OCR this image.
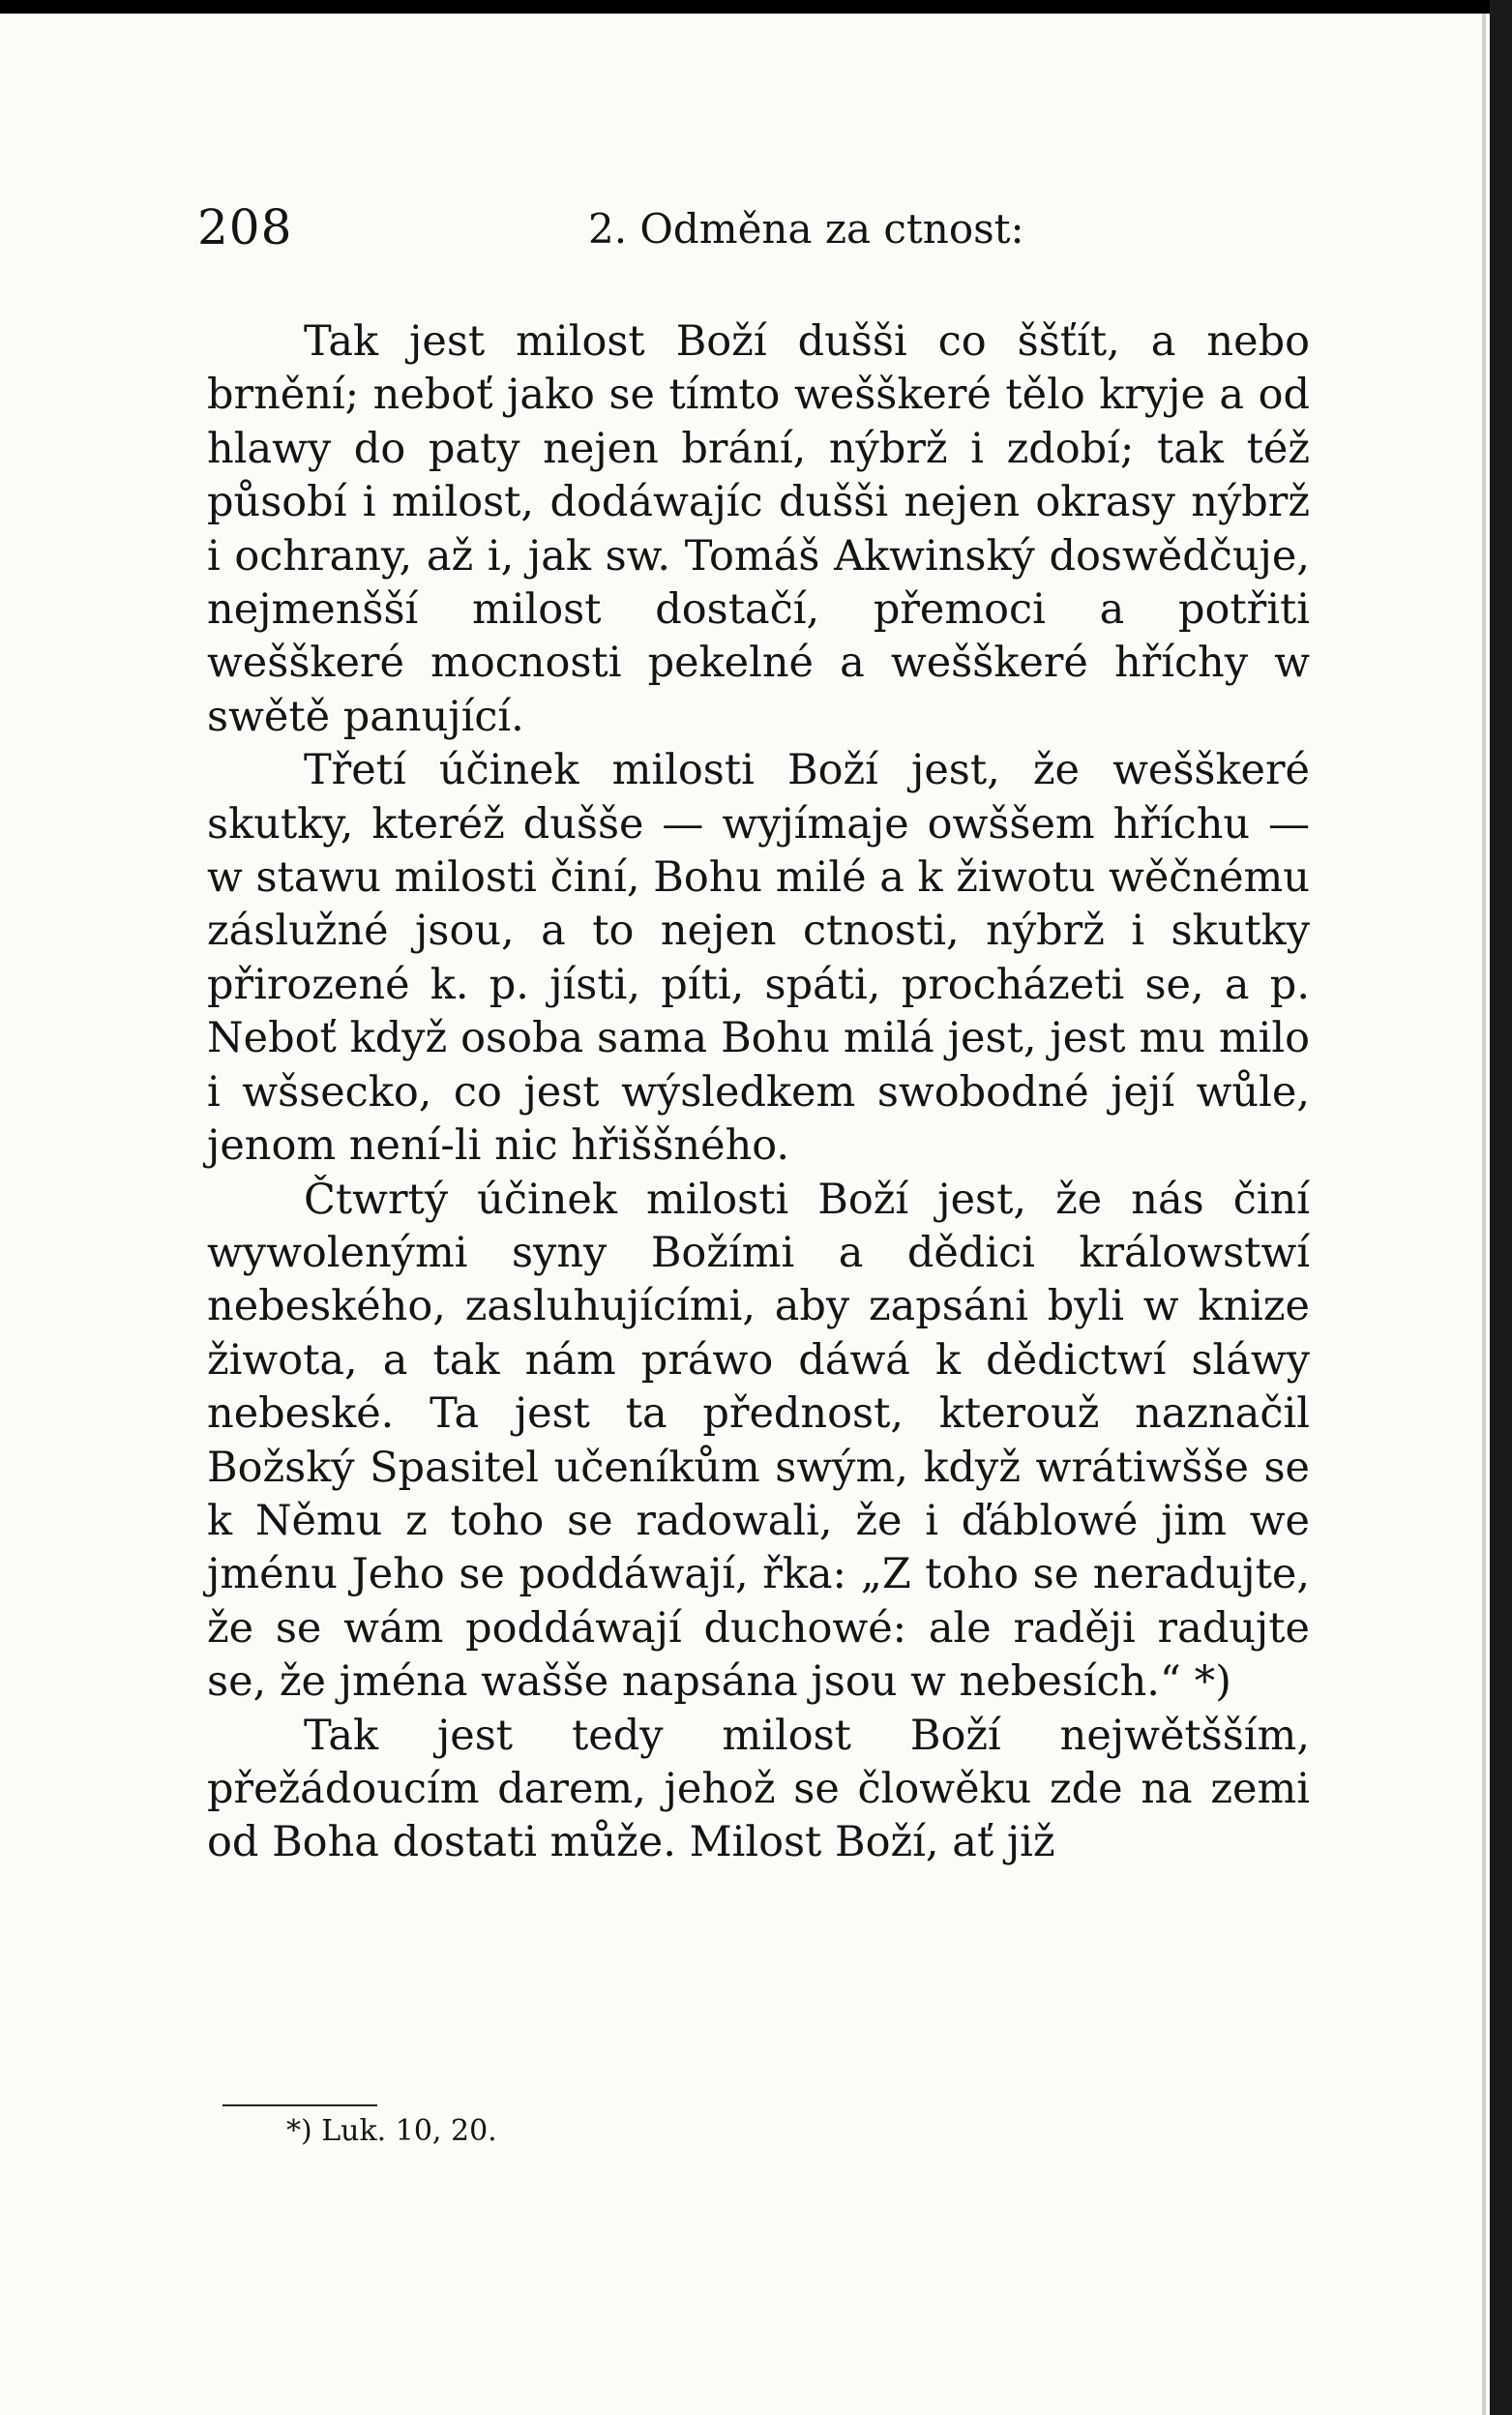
208	2. Odměna za ctnost:

Tak jest milost Boží dušši co ššťít, a nebo brnění; neboť jako se tímto wešškeré tělo kryje a od hlawy do paty nejen brání, nýbrž i zdobí; tak též působí i milost, dodáwajíc dušši nejen okrasy nýbrž i ochrany, až i, jak sw. Tomáš Akwinský doswědčuje, nejmenšší milost dostačí, přemoci a potřiti wešškeré mocnosti pekelné a wešškeré hříchy w swětě panující.

Třetí účinek milosti Boží jest, že wešškeré skutky, kteréž dušše — wyjímaje owššem hříchu — w stawu milosti činí, Bohu milé a k žiwotu wěčnému záslužné jsou, a to nejen ctnosti, nýbrž i skutky přirozené k. p. jísti, píti, spáti, procházeti se, a p. Neboť když osoba sama Bohu milá jest, jest mu milo i wšsecko, co jest wýsledkem swobodné její wůle, jenom není-li nic hřiššného.

Čtwrtý účinek milosti Boží jest, že nás činí wywolenými syny Božími a dědici králowstwí nebeského, zasluhujícími, aby zapsáni byli w knize žiwota, a tak nám práwo dáwá k dědictwí sláwy nebeské. Ta jest ta přednost, kterouž naznačil Božský Spasitel učeníkům swým, když wrátiwšše se k Němu z toho se radowali, že i ďáblowé jim we jménu Jeho se poddáwají, řka: „Z toho se neradujte, že se wám poddáwají duchowé: ale raději radujte se, že jména wašše napsána jsou w nebesích.“ *)

Tak jest tedy milost Boží nejwětšším, přežádoucím darem, jehož se člowěku zde na zemi od Boha dostati může. Milost Boží, ať již

*) Luk. 10, 20.
